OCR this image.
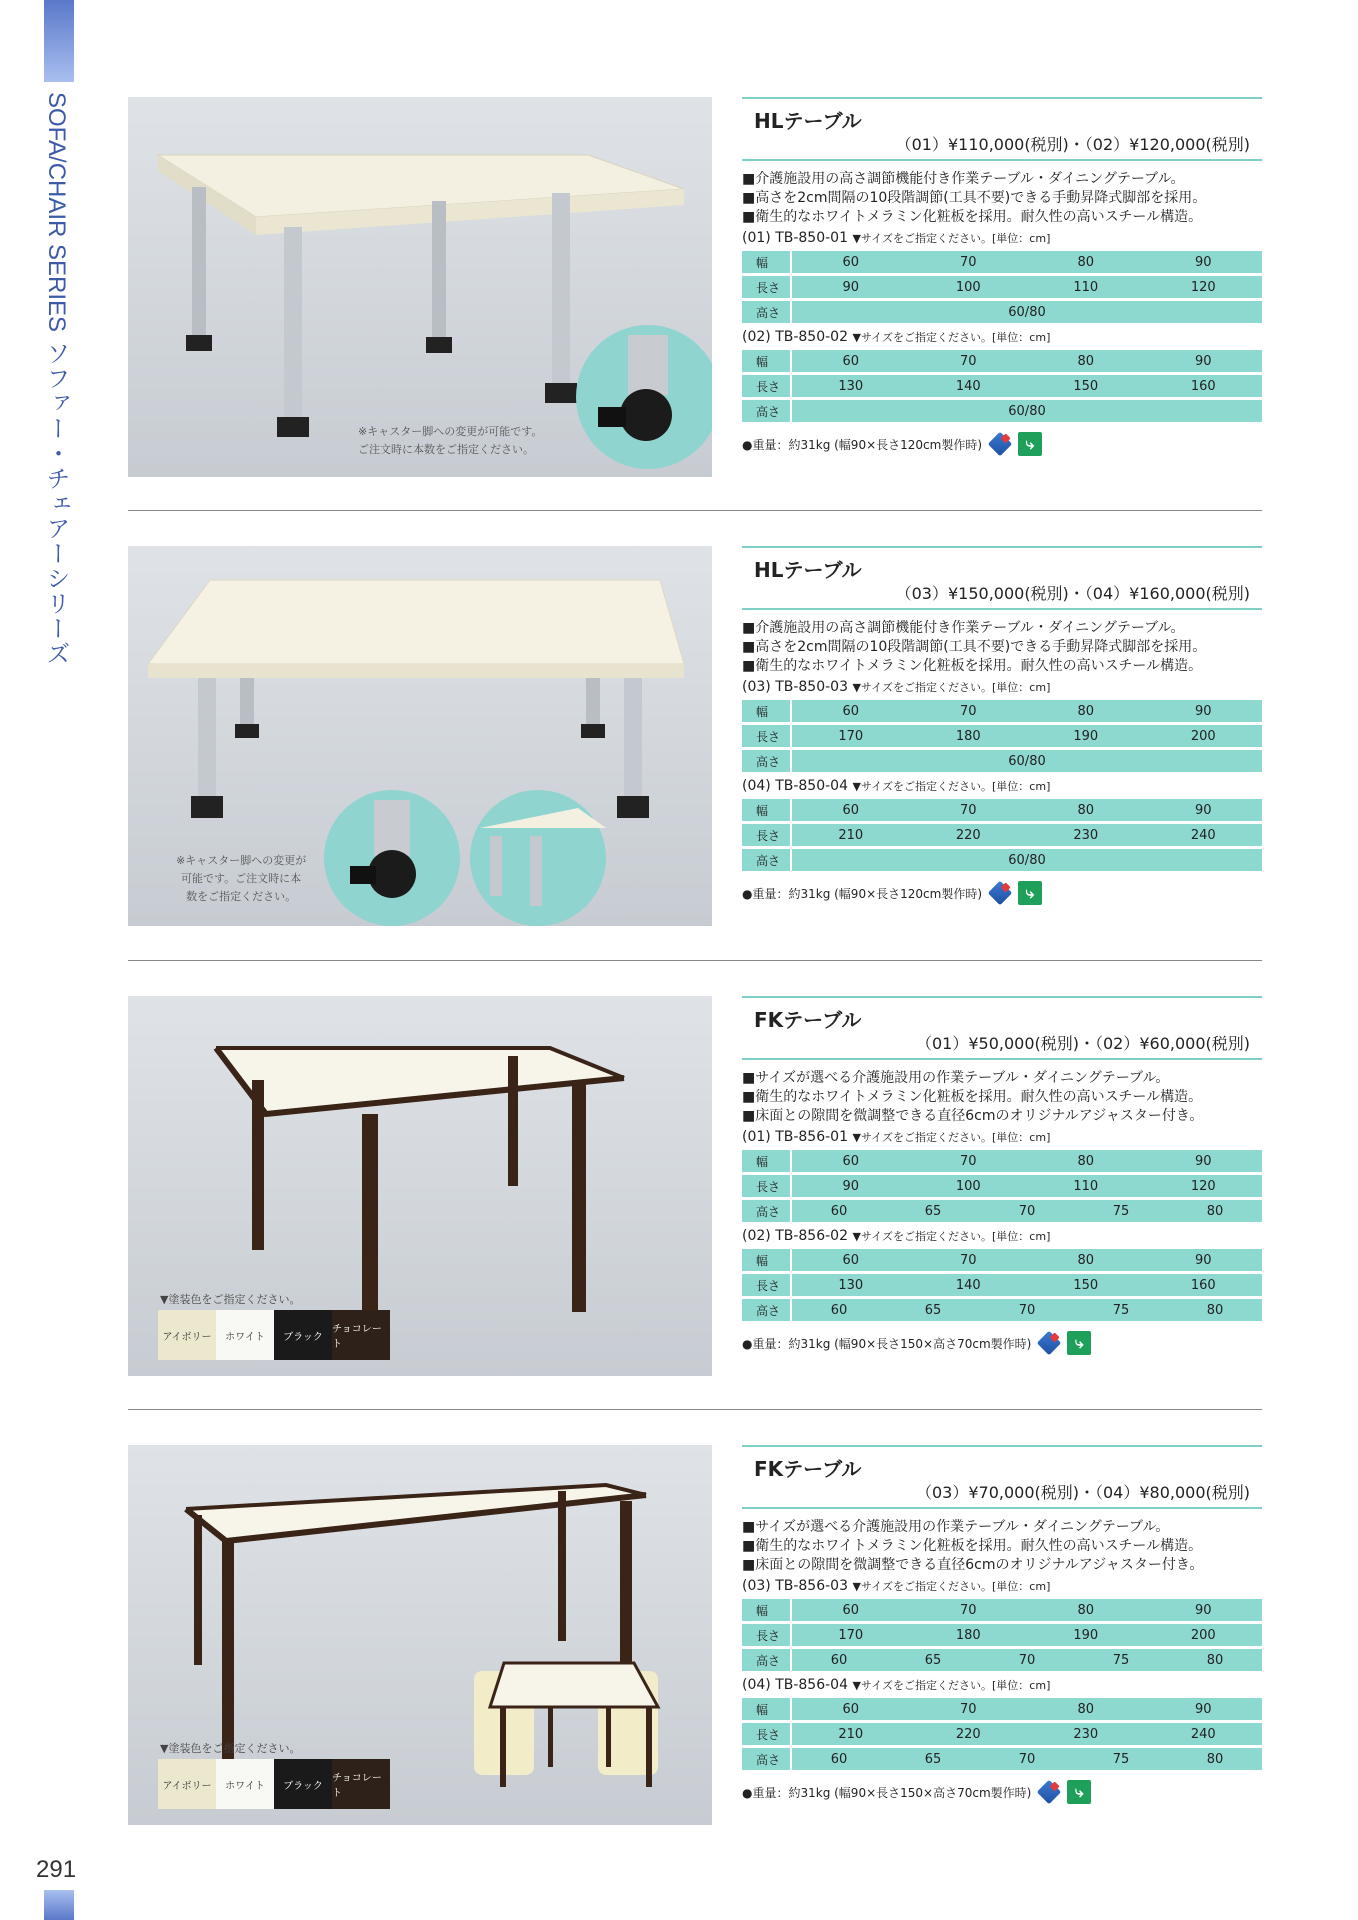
SOFA/CHAIR SERIES ソファー・チェアーシリーズ
291
※キャスター脚への変更が可能です。
ご注文時に本数をご指定ください。
HLテーブル
（01）¥110,000(税別)・（02）¥120,000(税別)
■介護施設用の高さ調節機能付き作業テーブル・ダイニングテーブル。
■高さを2cm間隔の10段階調節(工具不要)できる手動昇降式脚部を採用。
■衛生的なホワイトメラミン化粧板を採用。耐久性の高いスチール構造。
(01) TB-850-01 ▼サイズをご指定ください。[単位：cm]
幅	60	70	80	90
長さ	90	100	110	120
高さ	60/80			
(02) TB-850-02 ▼サイズをご指定ください。[単位：cm]
幅	60	70	80	90
長さ	130	140	150	160
高さ	60/80			
●重量：約31kg (幅90×長さ120cm製作時)	⤷
※キャスター脚への変更が
可能です。ご注文時に本
数をご指定ください。
HLテーブル
（03）¥150,000(税別)・（04）¥160,000(税別)
■介護施設用の高さ調節機能付き作業テーブル・ダイニングテーブル。
■高さを2cm間隔の10段階調節(工具不要)できる手動昇降式脚部を採用。
■衛生的なホワイトメラミン化粧板を採用。耐久性の高いスチール構造。
(03) TB-850-03 ▼サイズをご指定ください。[単位：cm]
幅	60	70	80	90
長さ	170	180	190	200
高さ	60/80			
(04) TB-850-04 ▼サイズをご指定ください。[単位：cm]
幅	60	70	80	90
長さ	210	220	230	240
高さ	60/80			
●重量：約31kg (幅90×長さ120cm製作時)	⤷
▼塗装色をご指定ください。
アイボリー	ホワイト	ブラック
チョコレート
FKテーブル
（01）¥50,000(税別)・（02）¥60,000(税別)
■サイズが選べる介護施設用の作業テーブル・ダイニングテーブル。
■衛生的なホワイトメラミン化粧板を採用。耐久性の高いスチール構造。
■床面との隙間を微調整できる直径6cmのオリジナルアジャスター付き。
(01) TB-856-01 ▼サイズをご指定ください。[単位：cm]
幅	60		70		80		90	
長さ	90		100		110		120	
高さ	60	65		70		75		80
(02) TB-856-02 ▼サイズをご指定ください。[単位：cm]
幅	60		70		80		90	
長さ	130		140		150		160	
高さ	60	65		70		75		80
●重量：約31kg (幅90×長さ150×高さ70cm製作時)	⤷
▼塗装色をご指定ください。
アイボリー	ホワイト	ブラック
チョコレート
FKテーブル
（03）¥70,000(税別)・（04）¥80,000(税別)
■サイズが選べる介護施設用の作業テーブル・ダイニングテーブル。
■衛生的なホワイトメラミン化粧板を採用。耐久性の高いスチール構造。
■床面との隙間を微調整できる直径6cmのオリジナルアジャスター付き。
(03) TB-856-03 ▼サイズをご指定ください。[単位：cm]
幅	60		70		80		90	
長さ	170		180		190		200	
高さ	60	65		70		75		80
(04) TB-856-04 ▼サイズをご指定ください。[単位：cm]
幅	60		70		80		90	
長さ	210		220		230		240	
高さ	60	65		70		75		80
●重量：約31kg (幅90×長さ150×高さ70cm製作時)	⤷
